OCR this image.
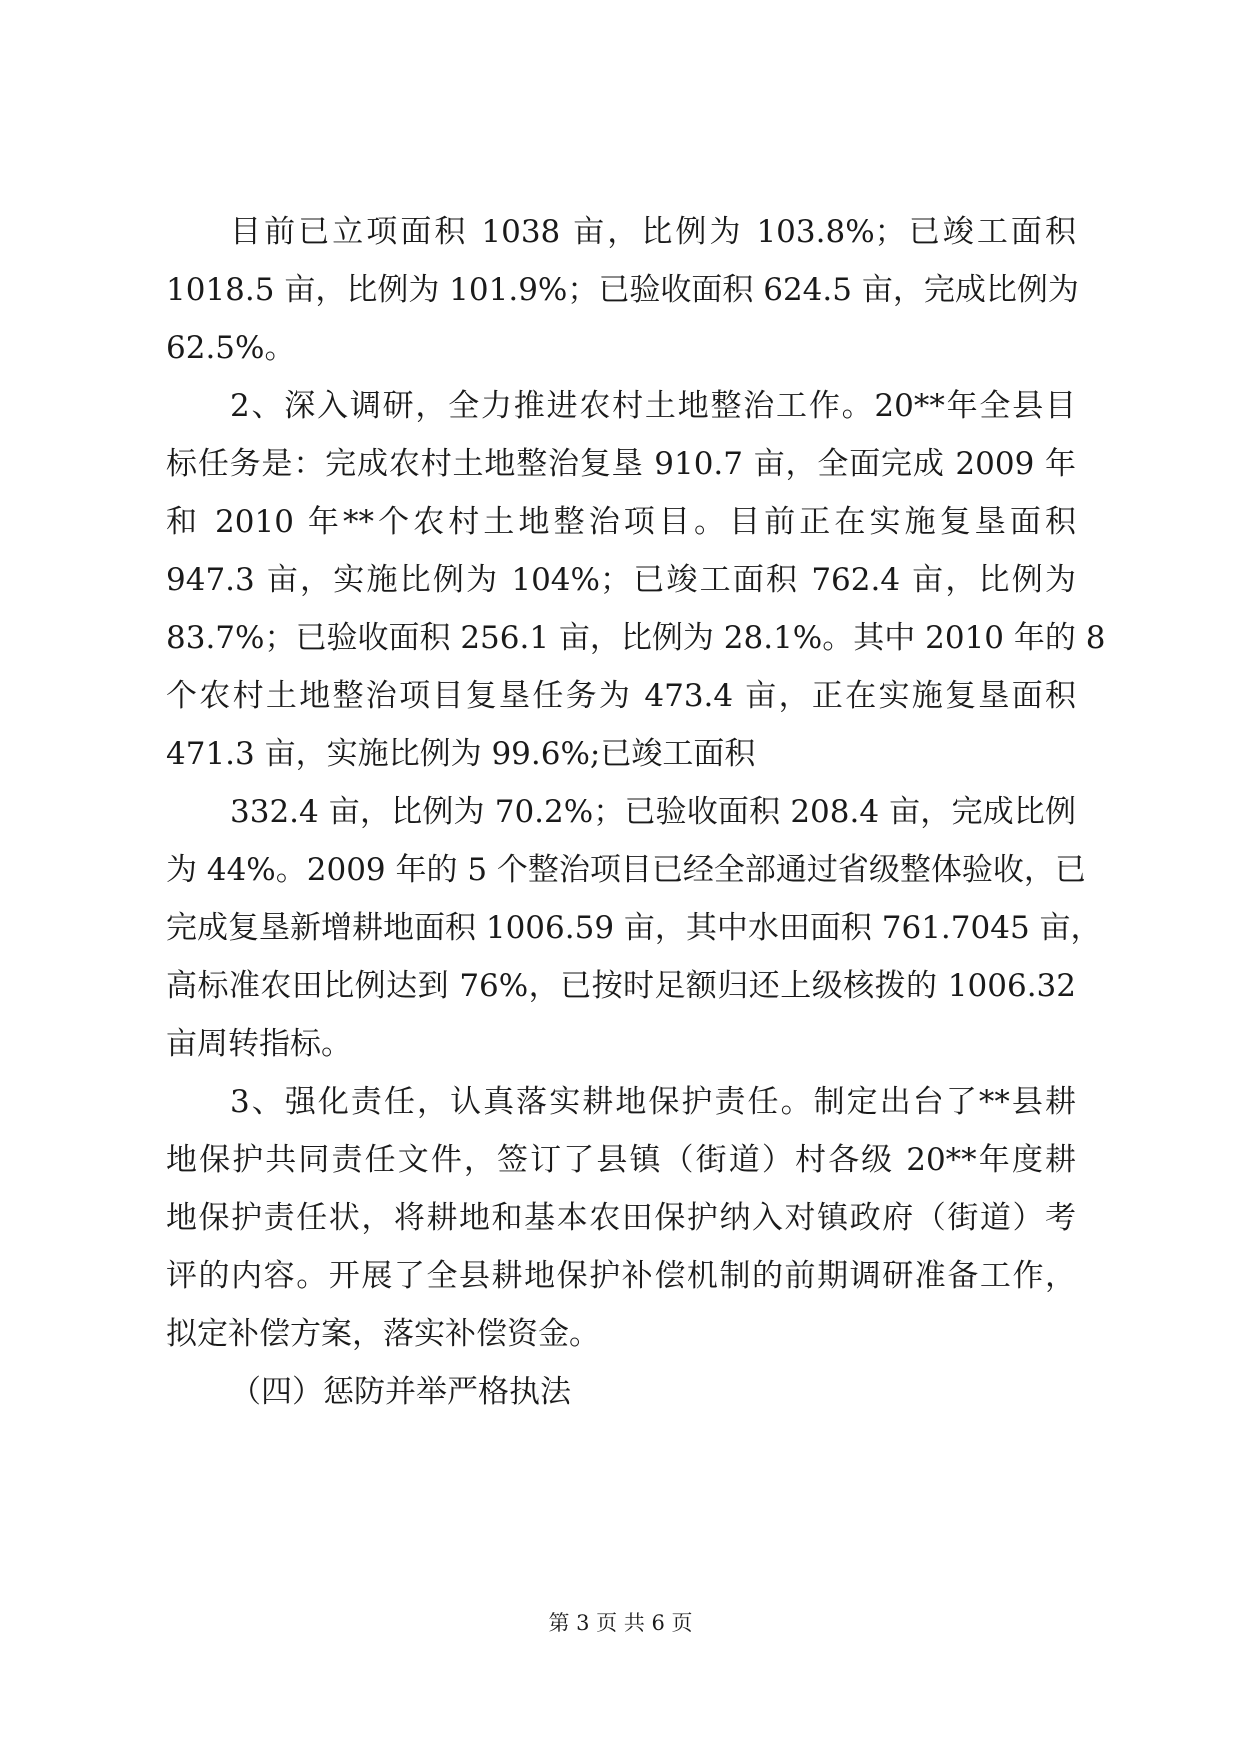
目前已立项面积 1038 亩，比例为 103.8%；已竣工面积
1018.5 亩，比例为 101.9%；已验收面积 624.5 亩，完成比例为
62.5%。
2、深入调研，全力推进农村土地整治工作。20**年全县目
标任务是：完成农村土地整治复垦 910.7 亩，全面完成 2009 年
和 2010 年**个农村土地整治项目。目前正在实施复垦面积
947.3 亩，实施比例为 104%；已竣工面积 762.4 亩，比例为
83.7%；已验收面积 256.1 亩，比例为 28.1%。其中 2010 年的 8
个农村土地整治项目复垦任务为 473.4 亩，正在实施复垦面积
471.3 亩，实施比例为 99.6%;已竣工面积
332.4 亩，比例为 70.2%；已验收面积 208.4 亩，完成比例
为 44%。2009 年的 5 个整治项目已经全部通过省级整体验收，已
完成复垦新增耕地面积 1006.59 亩，其中水田面积 761.7045 亩，
高标准农田比例达到 76%，已按时足额归还上级核拨的 1006.32
亩周转指标。
3、强化责任，认真落实耕地保护责任。制定出台了**县耕
地保护共同责任文件，签订了县镇（街道）村各级 20**年度耕
地保护责任状，将耕地和基本农田保护纳入对镇政府（街道）考
评的内容。开展了全县耕地保护补偿机制的前期调研准备工作，
拟定补偿方案，落实补偿资金。
（四）惩防并举严格执法
第 3 页 共 6 页
